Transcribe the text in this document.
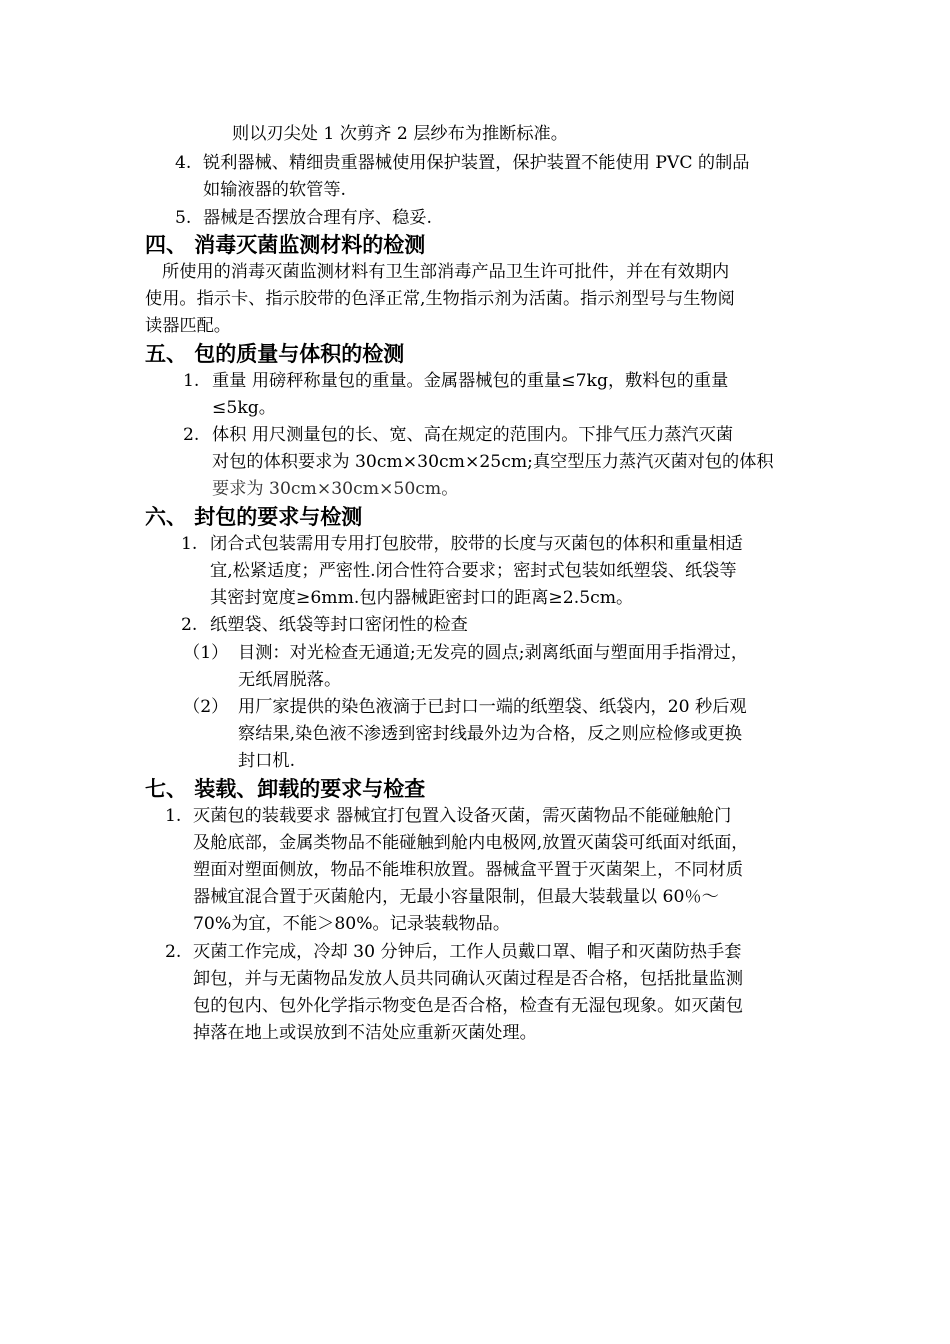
则以刃尖处 1 次剪齐 2 层纱布为推断标准。
4. 锐利器械、精细贵重器械使用保护装置，保护装置不能使用 PVC 的制品
如输液器的软管等.
5. 器械是否摆放合理有序、稳妥.
四、 消毒灭菌监测材料的检测
所使用的消毒灭菌监测材料有卫生部消毒产品卫生许可批件，并在有效期内
使用。指示卡、指示胶带的色泽正常,生物指示剂为活菌。指示剂型号与生物阅
读器匹配。
五、 包的质量与体积的检测
1. 重量 用磅秤称量包的重量。金属器械包的重量≤7kg，敷料包的重量
≤5kg。
2. 体积 用尺测量包的长、宽、高在规定的范围内。下排气压力蒸汽灭菌
对包的体积要求为 30cm×30cm×25cm;真空型压力蒸汽灭菌对包的体积
要求为 30cm×30cm×50cm。
六、 封包的要求与检测
1. 闭合式包装需用专用打包胶带，胶带的长度与灭菌包的体积和重量相适
宜,松紧适度；严密性.闭合性符合要求；密封式包装如纸塑袋、纸袋等
其密封宽度≥6mm.包内器械距密封口的距离≥2.5cm。
2. 纸塑袋、纸袋等封口密闭性的检查
（1） 目测：对光检查无通道;无发亮的圆点;剥离纸面与塑面用手指滑过，
无纸屑脱落。
（2） 用厂家提供的染色液滴于已封口一端的纸塑袋、纸袋内，20 秒后观
察结果,染色液不渗透到密封线最外边为合格，反之则应检修或更换
封口机.
七、 装载、卸载的要求与检查
1. 灭菌包的装载要求 器械宜打包置入设备灭菌，需灭菌物品不能碰触舱门
及舱底部，金属类物品不能碰触到舱内电极网,放置灭菌袋可纸面对纸面，
塑面对塑面侧放，物品不能堆积放置。器械盒平置于灭菌架上，不同材质
器械宜混合置于灭菌舱内，无最小容量限制，但最大装载量以 60％～
70%为宜，不能＞80%。记录装载物品。
2. 灭菌工作完成，冷却 30 分钟后，工作人员戴口罩、帽子和灭菌防热手套
卸包，并与无菌物品发放人员共同确认灭菌过程是否合格，包括批量监测
包的包内、包外化学指示物变色是否合格，检查有无湿包现象。如灭菌包
掉落在地上或误放到不洁处应重新灭菌处理。
